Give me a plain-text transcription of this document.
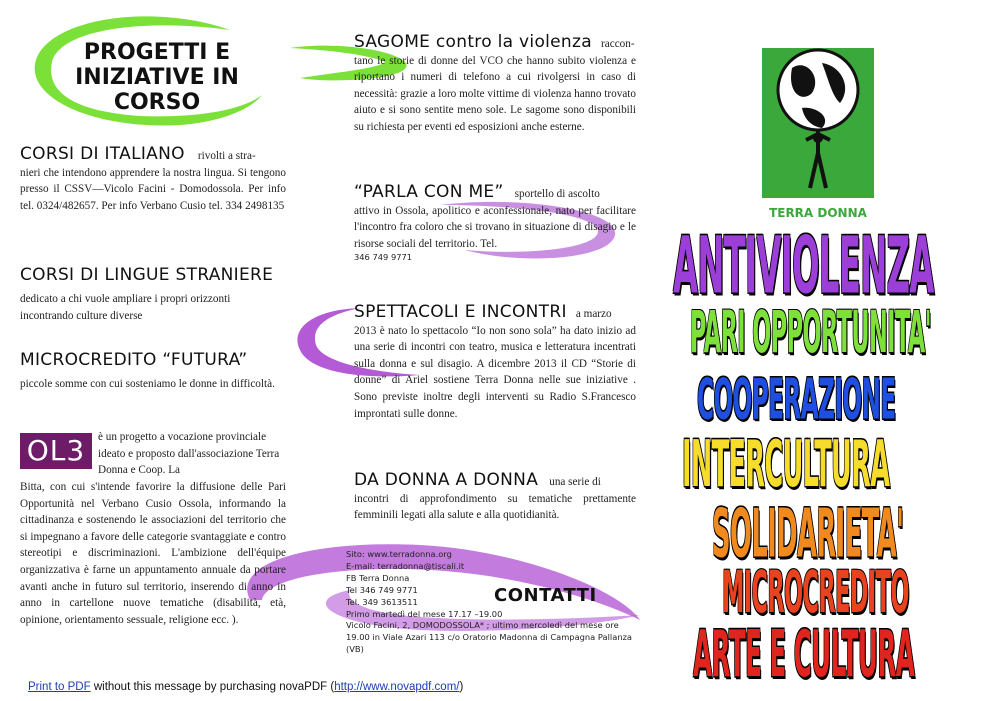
PROGETTI E INIZIATIVE IN CORSO
CORSI DI ITALIANO rivolti a stra-
nieri che intendono apprendere la nostra lingua. Si tengono presso il CSSV—Vicolo Facini - Domodossola. Per info tel. 0324/482657. Per info Verbano Cusio tel. 334 2498135
CORSI DI LINGUE STRANIERE
dedicato a chi vuole ampliare i propri orizzonti incontrando culture diverse
MICROCREDITO “FUTURA”
piccole somme con cui sosteniamo le donne in difficoltà.
OL3	è un progetto a vocazione provinciale ideato e proposto dall'associazione Terra Donna e Coop. La
Bitta, con cui s'intende favorire la diffusione delle Pari Opportunità nel Verbano Cusio Ossola, informando la cittadinanza e sostenendo le associazioni del territorio che si impegnano a favore delle categorie svantaggiate e contro stereotipi e discriminazioni. L'ambizione dell'équipe organizzativa è farne un appuntamento annuale da portare avanti anche in futuro sul territorio, inserendo di anno in anno in cartellone nuove tematiche (disabilità, età, opinione, orientamento sessuale, religione ecc. ).
SAGOME contro la violenza raccon-
tano le storie di donne del VCO che hanno subito violenza e riportano i numeri di telefono a cui rivolgersi in caso di necessità: grazie a loro molte vittime di violenza hanno trovato aiuto e si sono sentite meno sole. Le sagome sono disponibili su richiesta per eventi ed esposizioni anche esterne.
“PARLA CON ME” sportello di ascolto
attivo in Ossola, apolitico e aconfessionale, nato per facilitare l'incontro fra coloro che si trovano in situazione di disagio e le risorse sociali del territorio. Tel.
346 749 9771
SPETTACOLI E INCONTRI a marzo
2013 è nato lo spettacolo “Io non sono sola” ha dato inizio ad una serie di incontri con teatro, musica e letteratura incentrati sulla donna e sul disagio. A dicembre 2013 il CD “Storie di donne” di Ariel sostiene Terra Donna nelle sue iniziative . Sono previste inoltre degli interventi su Radio S.Francesco improntati sulle donne.
DA DONNA A DONNA una serie di
incontri di approfondimento su tematiche prettamente femminili legati alla salute e alla quotidianità.
CONTATTI
Sito: www.terradonna.org
E-mail: terradonna@tiscali.it
FB Terra Donna
Tel 346 749 9771
Tel. 349 3613511
Primo martedì del mese 17.17 –19.00
Vicolo Facini, 2, DOMODOSSOLA* ; ultimo mercoledì del mese ore 19.00 in Viale Azari 113 c/o Oratorio Madonna di Campagna Pallanza (VB)
TERRA DONNA
ANTIVIOLENZA
PARI OPPORTUNITA'
COOPERAZIONE
INTERCULTURA
SOLIDARIETA'
MICROCREDITO
ARTE E CULTURA
Print to PDF without this message by purchasing novaPDF (http://www.novapdf.com/)
